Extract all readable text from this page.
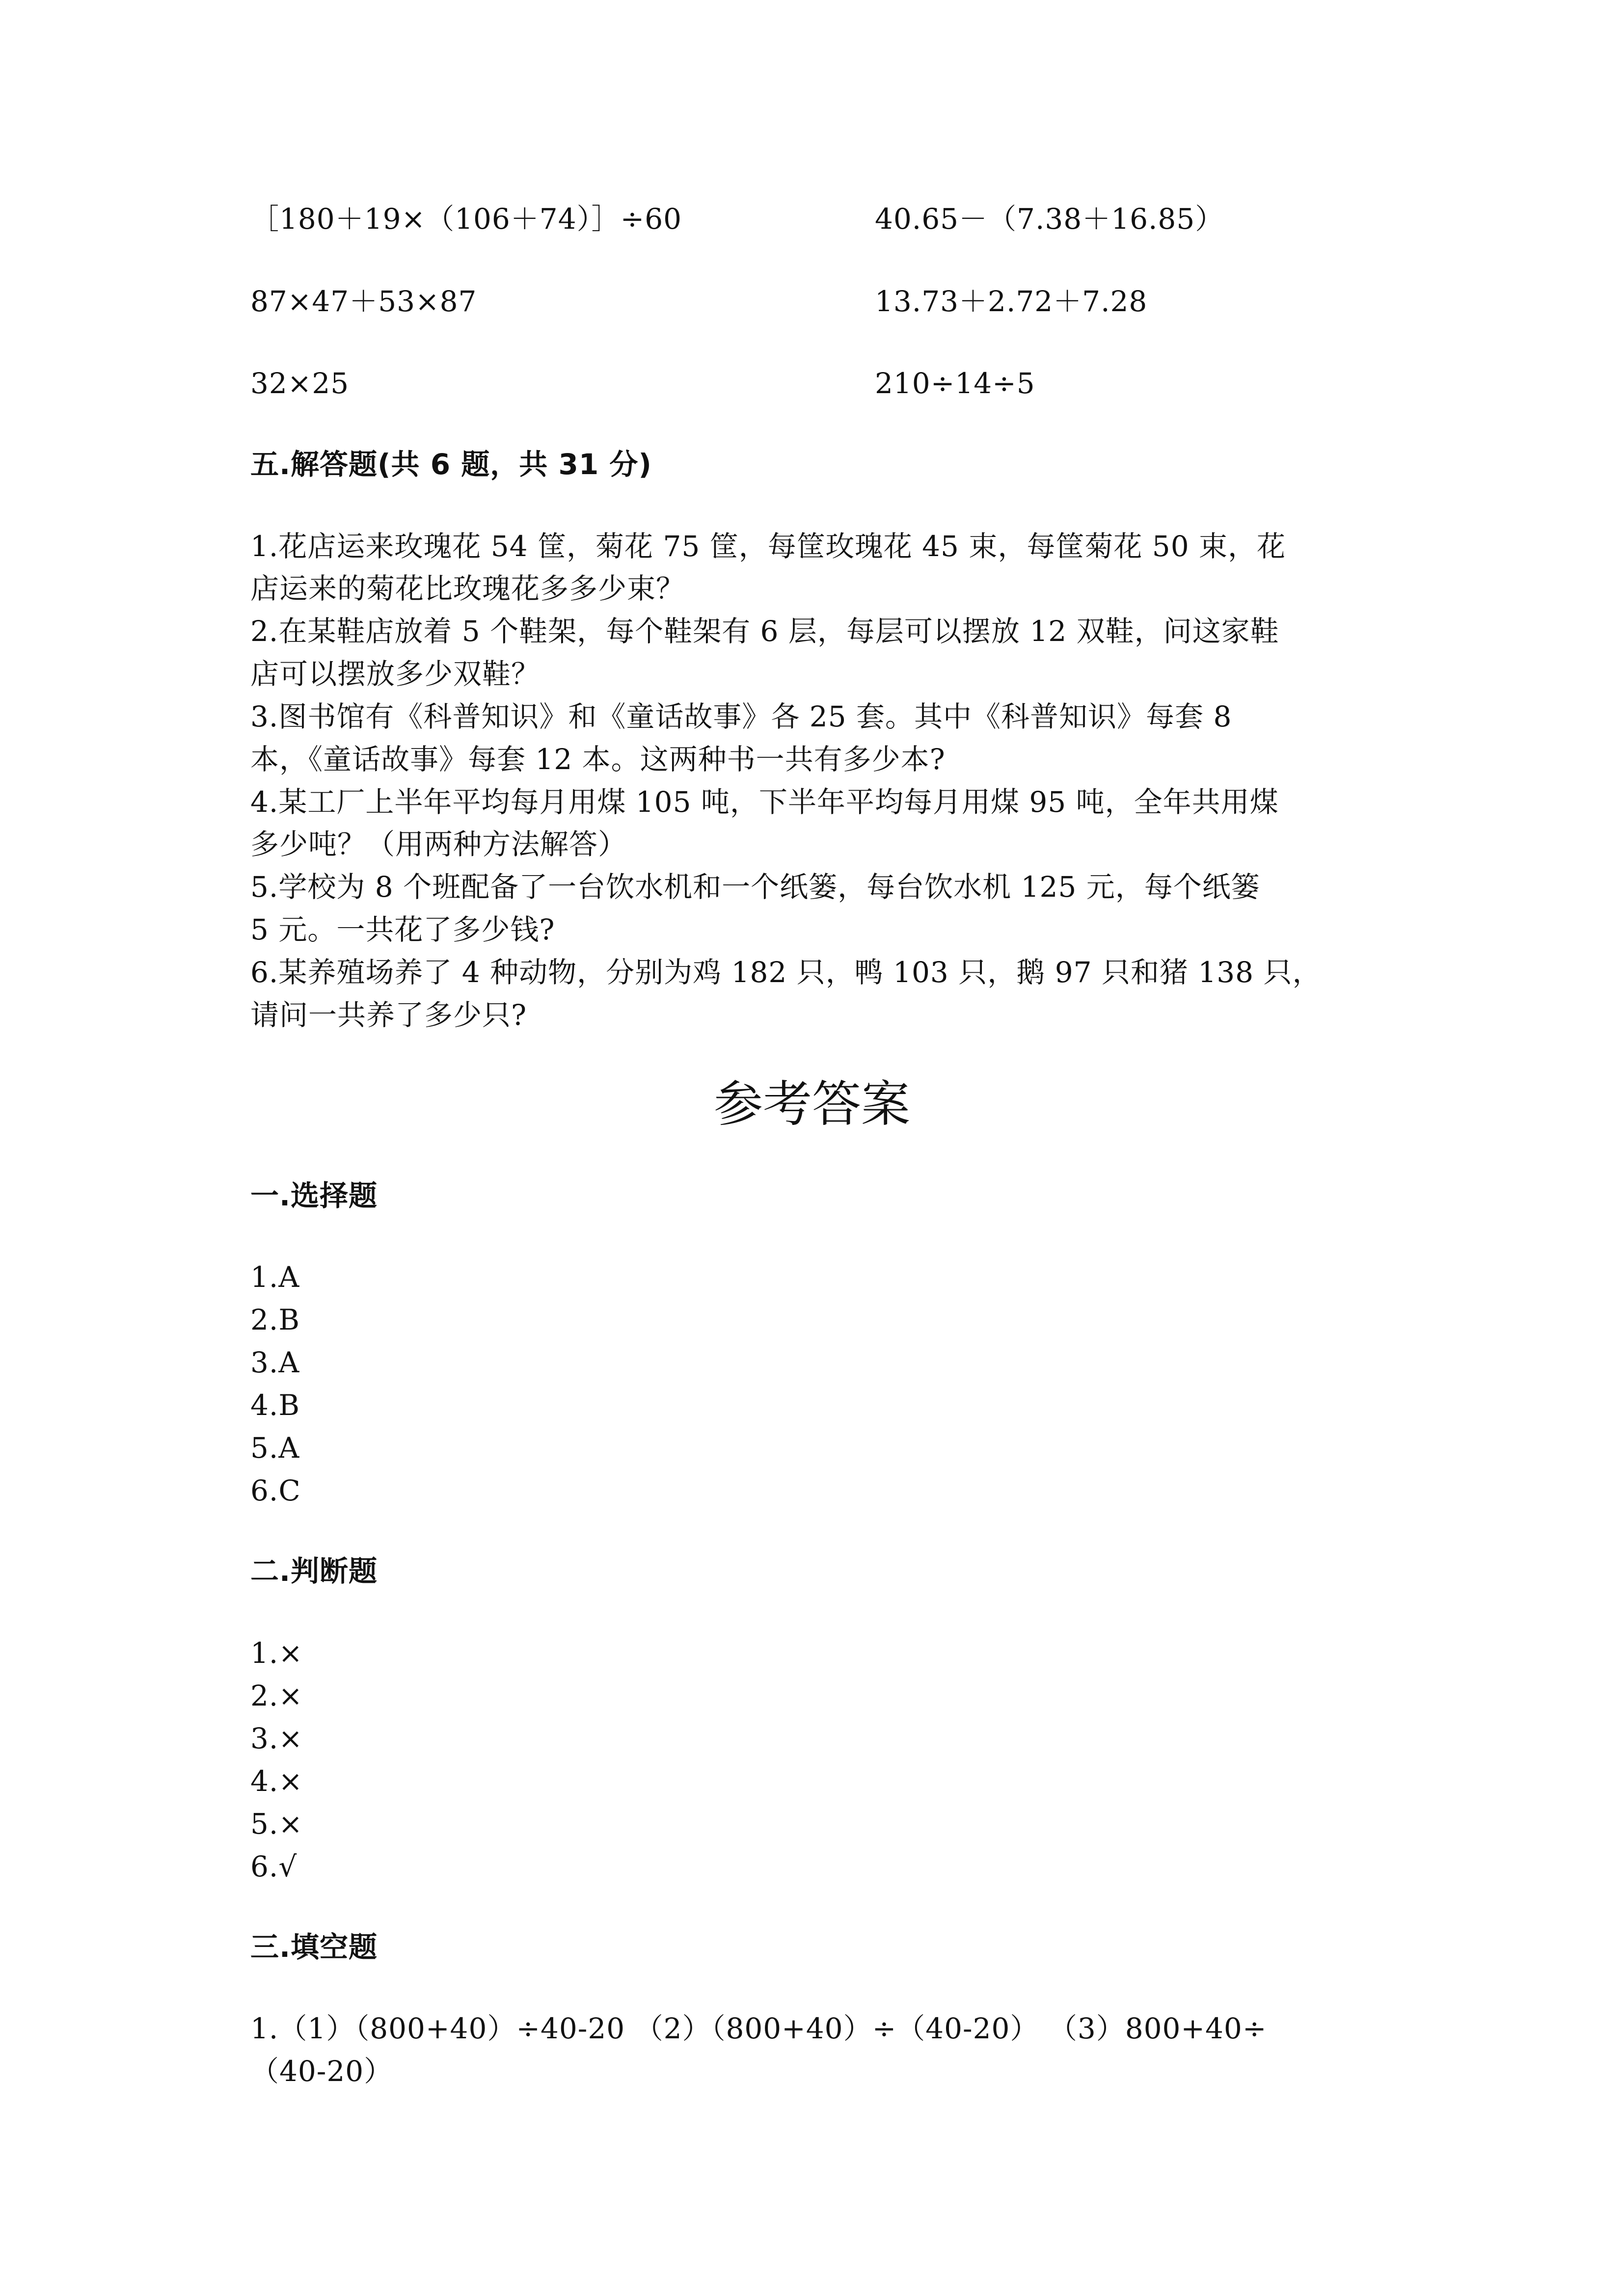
［180＋19×（106＋74）］÷60	40.65－（7.38＋16.85）
87×47＋53×87	13.73＋2.72＋7.28
32×25	210÷14÷5
五.解答题(共 6 题，共 31 分)
1.花店运来玫瑰花 54 筐，菊花 75 筐，每筐玫瑰花 45 束，每筐菊花 50 束，花
店运来的菊花比玫瑰花多多少束？
2.在某鞋店放着 5 个鞋架，每个鞋架有 6 层，每层可以摆放 12 双鞋，问这家鞋
店可以摆放多少双鞋？
3.图书馆有《科普知识》和《童话故事》各 25 套。其中《科普知识》每套 8
本，《童话故事》每套 12 本。这两种书一共有多少本?
4.某工厂上半年平均每月用煤 105 吨，下半年平均每月用煤 95 吨，全年共用煤
多少吨？（用两种方法解答）
5.学校为 8 个班配备了一台饮水机和一个纸篓，每台饮水机 125 元，每个纸篓
5 元。一共花了多少钱?
6.某养殖场养了 4 种动物，分别为鸡 182 只，鸭 103 只，鹅 97 只和猪 138 只，
请问一共养了多少只?
参考答案
一.选择题
1.A
2.B
3.A
4.B
5.A
6.C
二.判断题
1.×
2.×
3.×
4.×
5.×
6.√
三.填空题
1.（1）（800+40）÷40-20 （2）（800+40）÷（40-20） （3）800+40÷
（40-20）
